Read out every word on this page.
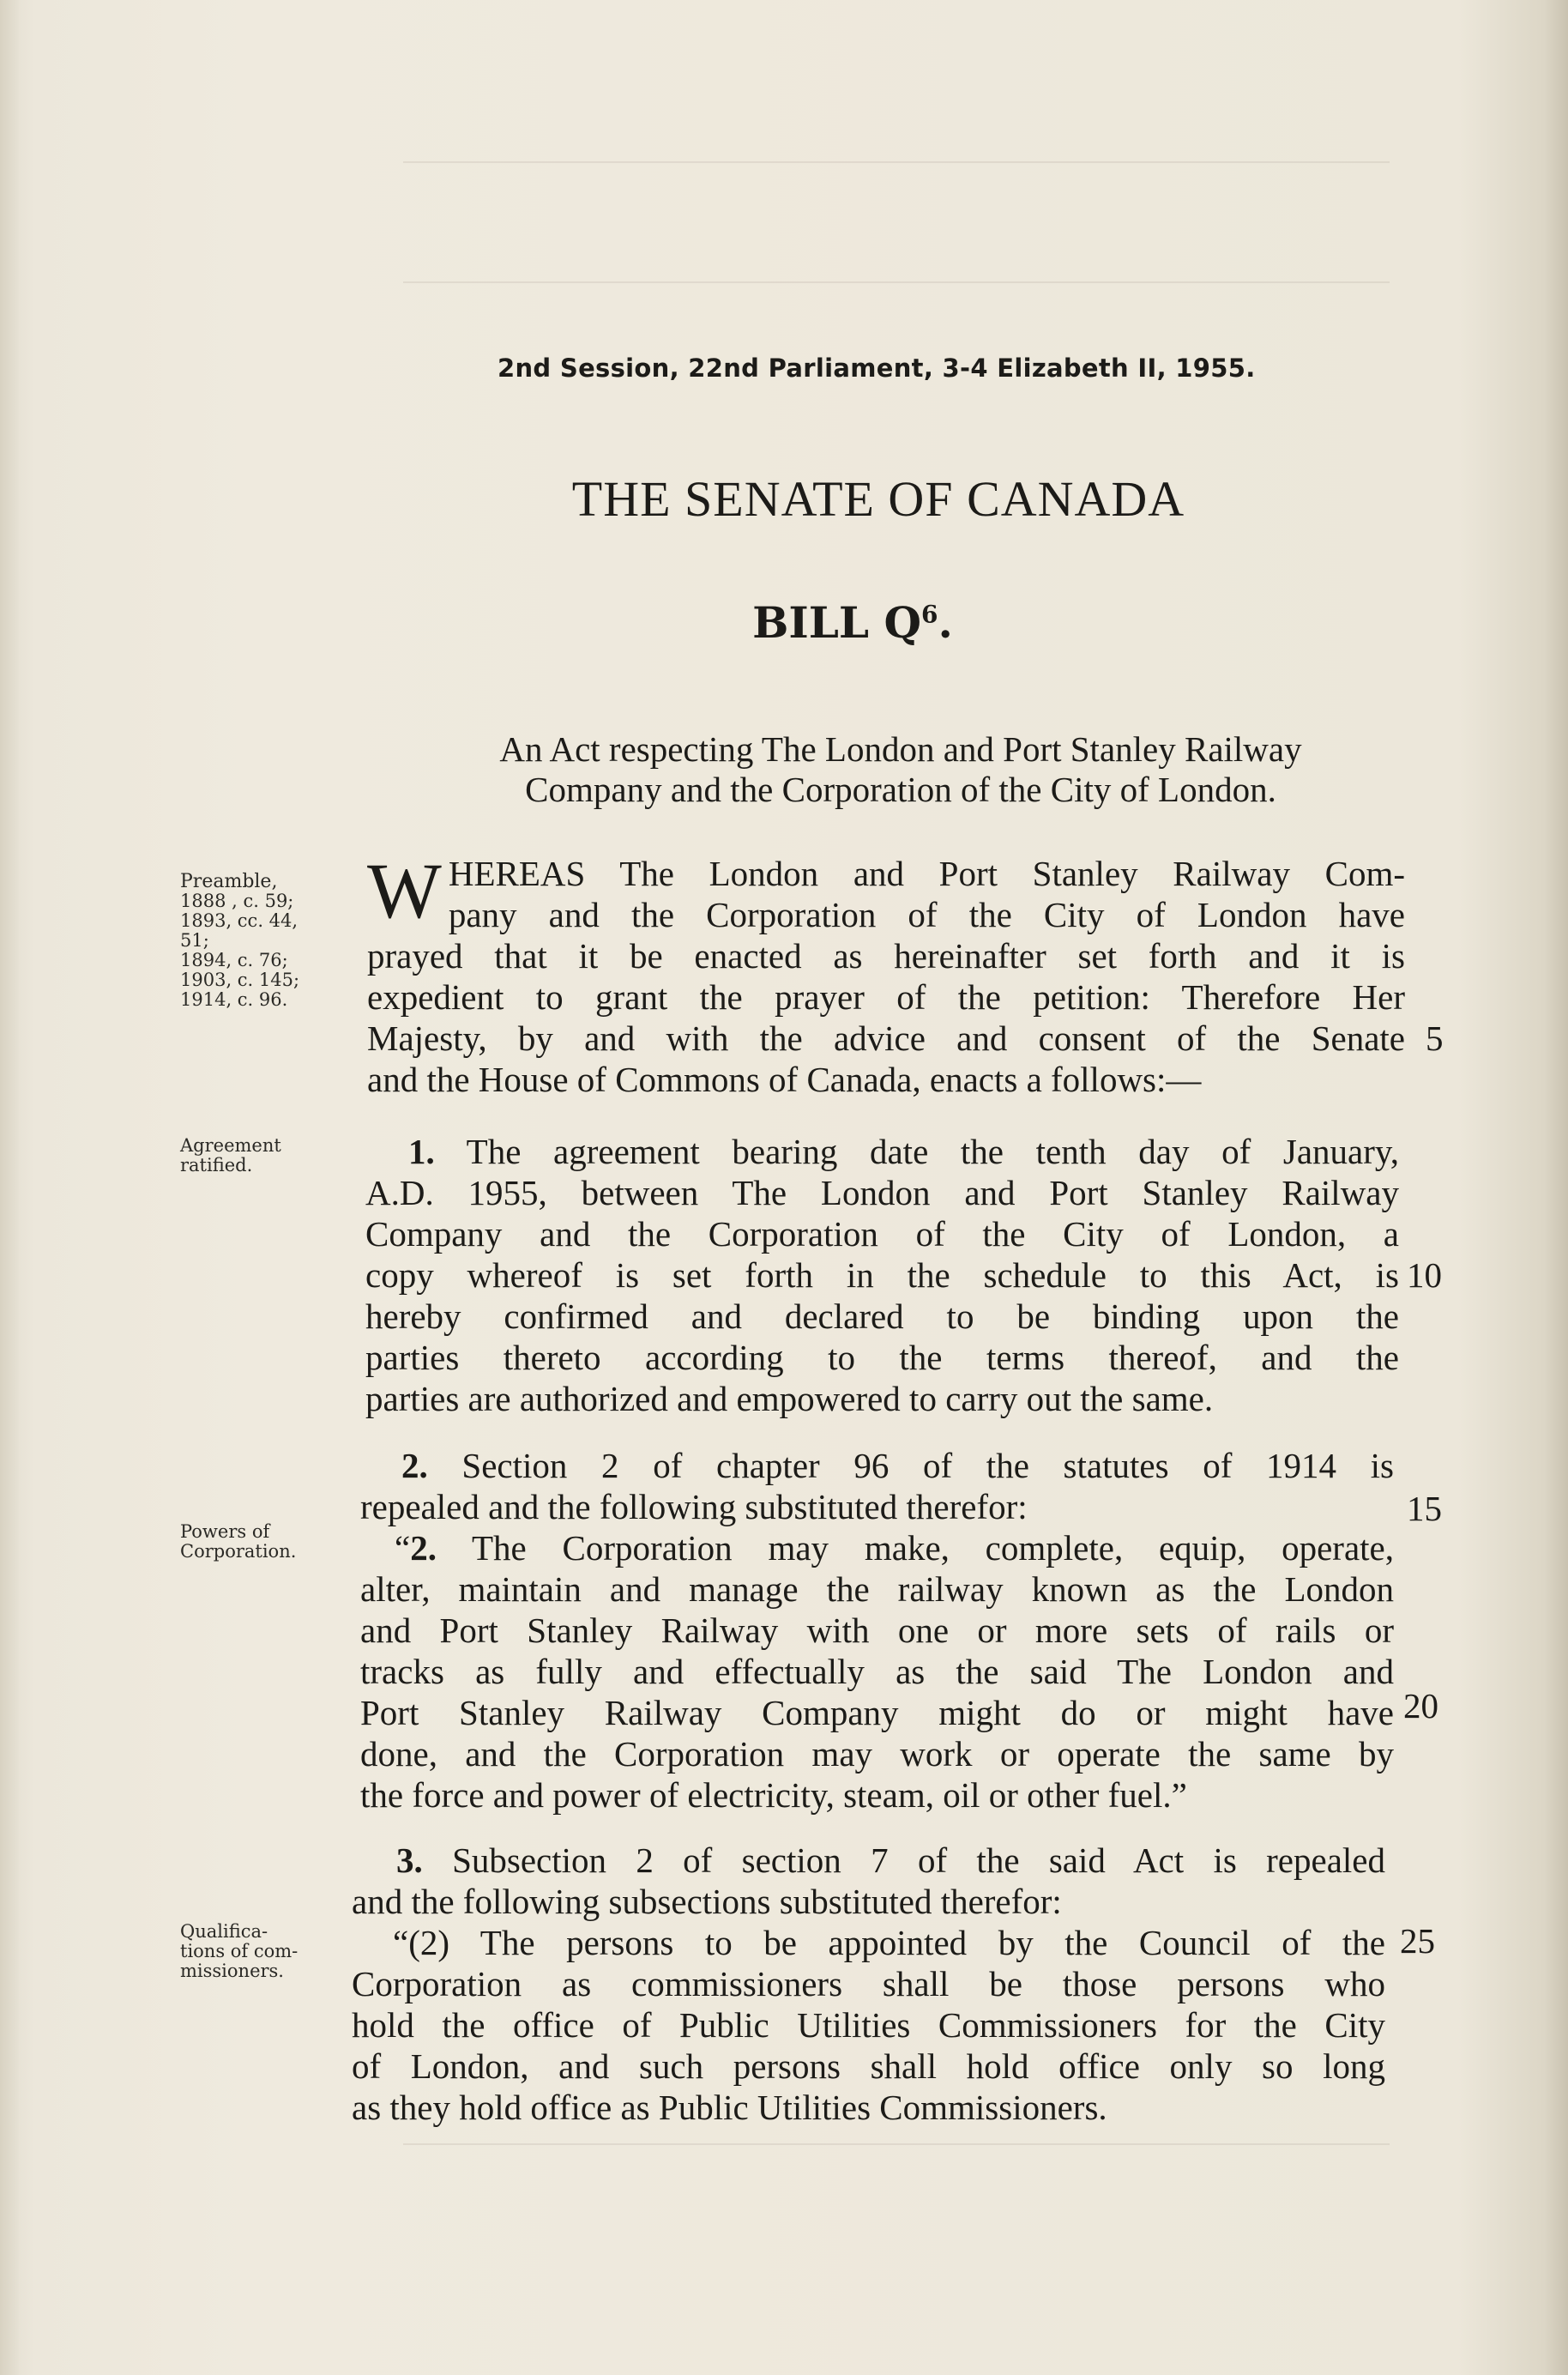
2nd Session, 22nd Parliament, 3-4 Elizabeth II, 1955.
THE SENATE OF CANADA
BILL $Q^6$.
An Act respecting The London and Port Stanley Railway
Company and the Corporation of the City of London.
Preamble,
1888 , c. 59;
1893, cc. 44,
51;
1894, c. 76;
1903, c. 145;
1914, c. 96.
Agreement
ratified.
Powers of
Corporation.
Qualifica-
tions of com-
missioners.
W HEREAS The London and Port Stanley Railway Com-
pany and the Corporation of the City of London have
prayed that it be enacted as hereinafter set forth and it is
expedient to grant the prayer of the petition: Therefore Her
Majesty, by and with the advice and consent of the Senate
and the House of Commons of Canada, enacts a follows:—
1. The agreement bearing date the tenth day of January,
A.D. 1955, between The London and Port Stanley Railway
Company and the Corporation of the City of London, a
copy whereof is set forth in the schedule to this Act, is
hereby confirmed and declared to be binding upon the
parties thereto according to the terms thereof, and the
parties are authorized and empowered to carry out the same.
2. Section 2 of chapter 96 of the statutes of 1914 is
repealed and the following substituted therefor:
“2. The Corporation may make, complete, equip, operate,
alter, maintain and manage the railway known as the London
and Port Stanley Railway with one or more sets of rails or
tracks as fully and effectually as the said The London and
Port Stanley Railway Company might do or might have
done, and the Corporation may work or operate the same by
the force and power of electricity, steam, oil or other fuel.”
3. Subsection 2 of section 7 of the said Act is repealed
and the following subsections substituted therefor:
“(2) The persons to be appointed by the Council of the
Corporation as commissioners shall be those persons who
hold the office of Public Utilities Commissioners for the City
of London, and such persons shall hold office only so long
as they hold office as Public Utilities Commissioners.
5
10
15
20
25
